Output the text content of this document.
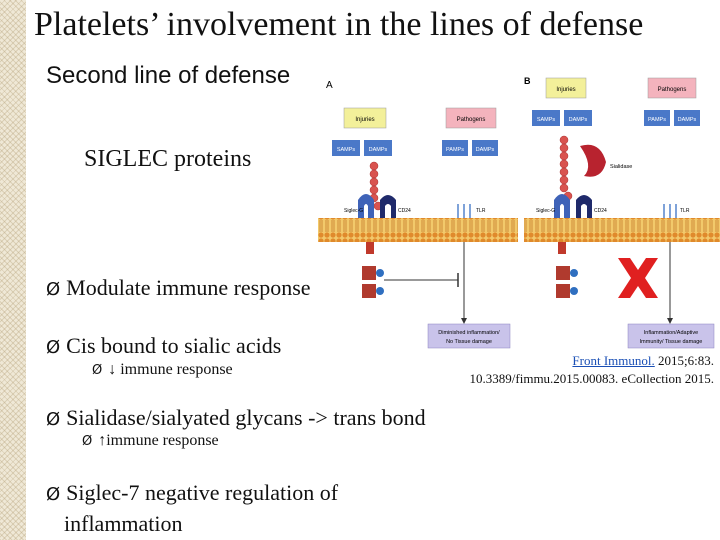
Platelets’ involvement in the lines of defense
Second line of defense
SIGLEC proteins
Ø Modulate immune response
Ø Cis bound to sialic acids
Ø ↓ immune response
Ø Sialidase/sialyated glycans -> trans bond
Ø ↑immune response
Ø Siglec-7 negative regulation of
inflammation
Front Immunol. 2015;6:83.
10.3389/fimmu.2015.00083. eCollection 2015.
A	B
Injuries	Pathogens
SAMPs DAMPs	PAMPs DAMPs
Siglec-G	CD24	TLR
Diminished inflammation/
No Tissue damage
Injuries	Pathogens
SAMPs DAMPs	PAMPs DAMPs
Sialidase
Siglec-G	CD24	TLR
Inflammation/Adaptive
Immunity/ Tissue damage
